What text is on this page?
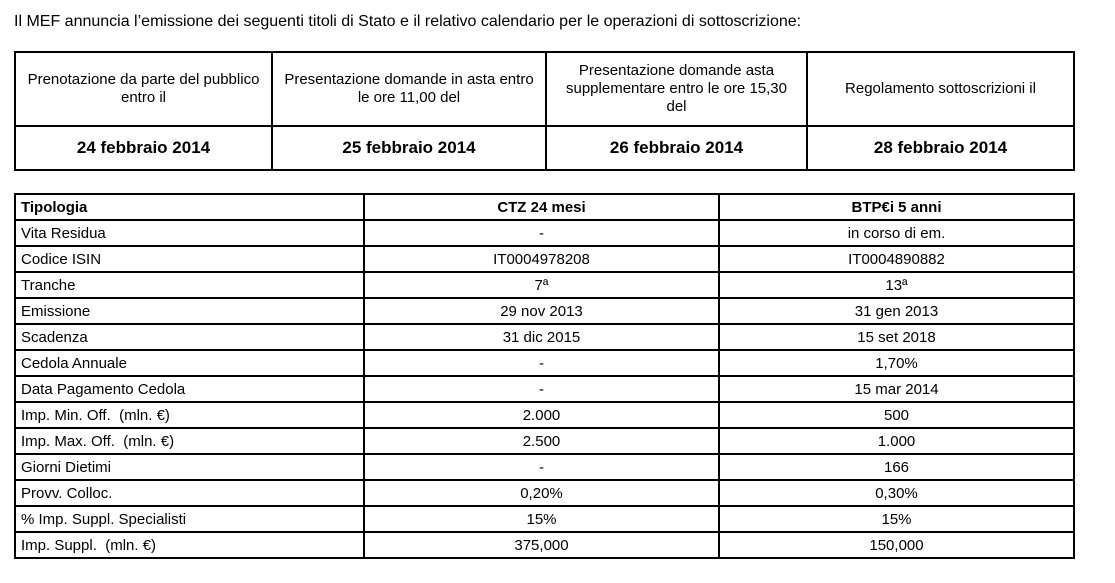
Il MEF annuncia l’emissione dei seguenti titoli di Stato e il relativo calendario per le operazioni di sottoscrizione:
Prenotazione da parte del pubblico entro il	Presentazione domande in asta entro le ore 11,00 del	Presentazione domande asta supplementare entro le ore 15,30 del	Regolamento sottoscrizioni il
24 febbraio 2014	25 febbraio 2014	26 febbraio 2014	28 febbraio 2014
Tipologia	CTZ 24 mesi	BTP€i 5 anni
Vita Residua	-	in corso di em.
Codice ISIN	IT0004978208	IT0004890882
Tranche	7ª	13ª
Emissione	29 nov 2013	31 gen 2013
Scadenza	31 dic 2015	15 set 2018
Cedola Annuale	-	1,70%
Data Pagamento Cedola	-	15 mar 2014
Imp. Min. Off.  (mln. €)	2.000	500
Imp. Max. Off.  (mln. €)	2.500	1.000
Giorni Dietimi	-	166
Provv. Colloc.	0,20%	0,30%
% Imp. Suppl. Specialisti	15%	15%
Imp. Suppl.  (mln. €)	375,000	150,000
